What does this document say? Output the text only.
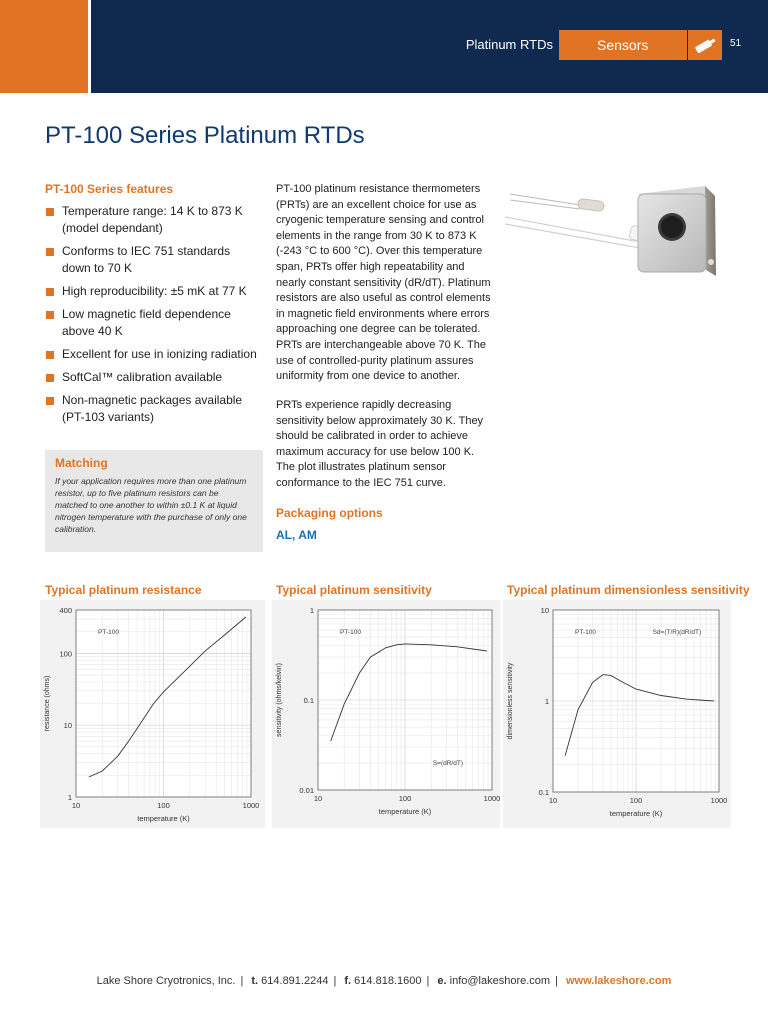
Platinum RTDs	Sensors	51
PT-100 Series Platinum RTDs
PT-100 Series features
Temperature range: 14 K to 873 K (model dependant)
Conforms to IEC 751 standards down to 70 K
High reproducibility: ±5 mK at 77 K
Low magnetic field dependence above 40 K
Excellent for use in ionizing radiation
SoftCal™ calibration available
Non-magnetic packages available (PT-103 variants)
Matching
If your application requires more than one platinum resistor, up to five platinum resistors can be matched to one another to within ±0.1 K at liquid nitrogen temperature with the purchase of only one calibration.
PT-100 platinum resistance thermometers (PRTs) are an excellent choice for use as cryogenic temperature sensing and control elements in the range from 30 K to 873 K (-243 °C to 600 °C). Over this temperature span, PRTs offer high repeatability and nearly constant sensitivity (dR/dT). Platinum resistors are also useful as control elements in magnetic field environments where errors approaching one degree can be tolerated. PRTs are interchangeable above 70 K. The use of controlled-purity platinum assures uniformity from one device to another.
PRTs experience rapidly decreasing sensitivity below approximately 30 K. They should be calibrated in order to achieve maximum accuracy for use below 100 K. The plot illustrates platinum sensor conformance to the IEC 751 curve.
Packaging options
AL, AM
Typical platinum resistance	Typical platinum sensitivity	Typical platinum dimensionless sensitivity
10	100	1000
1
10
100
400
temperature (K)
resistance (ohms)
PT-100
10	100	1000
0.01
0.1
1
temperature (K)
sensitivity (ohms/kelvin)
PT-100
S=(dR/dT)
10	100	1000
0.1
1
10
temperature (K)
dimensionless sensitivity
PT-100	Sd=(T/R)(dR/dT)
Lake Shore Cryotronics, Inc. | t. 614.891.2244 | f. 614.818.1600 | e. info@lakeshore.com | www.lakeshore.com
